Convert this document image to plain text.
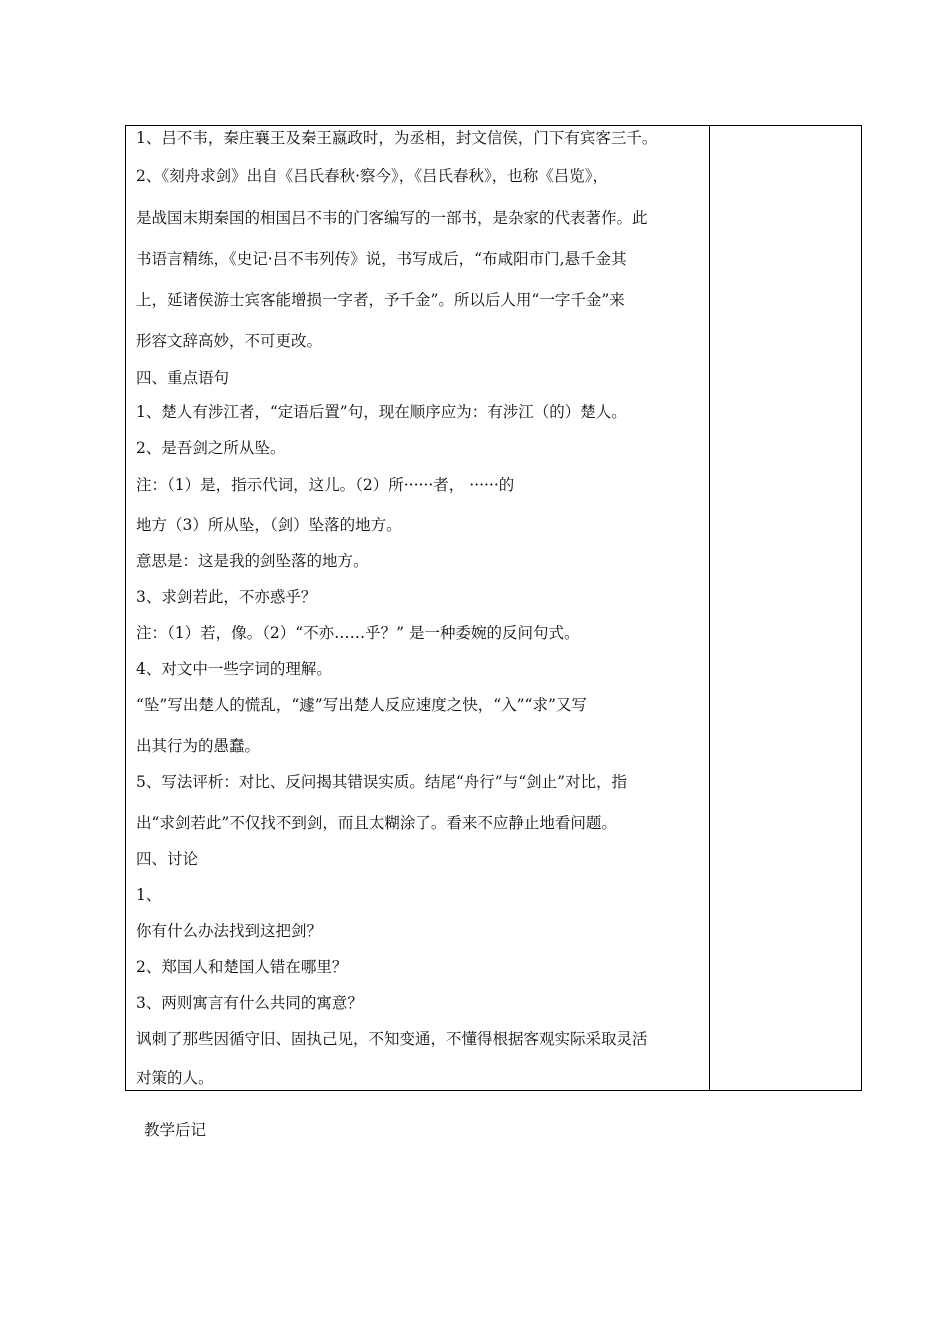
1、吕不韦，秦庄襄王及秦王嬴政时，为丞相，封文信侯，门下有宾客三千。
2、《刻舟求剑》出自《吕氏春秋·察今》，《吕氏春秋》，也称《吕览》，
是战国末期秦国的相国吕不韦的门客编写的一部书，是杂家的代表著作。此
书语言精练，《史记·吕不韦列传》说，书写成后，“布咸阳市门,悬千金其
上，延诸侯游士宾客能增损一字者，予千金”。所以后人用“一字千金”来
形容文辞高妙，不可更改。
四、重点语句
1、楚人有涉江者，“定语后置”句，现在顺序应为：有涉江（的）楚人。
2、是吾剑之所从坠。
注：（1）是，指示代词，这儿。（2）所······者， ······的
地方（3）所从坠，（剑）坠落的地方。
意思是：这是我的剑坠落的地方。
3、求剑若此，不亦惑乎？
注：（1）若，像。（2）“不亦……乎？” 是一种委婉的反问句式。
4、对文中一些字词的理解。
“坠”写出楚人的慌乱，“遽”写出楚人反应速度之快，“入”“求”又写
出其行为的愚蠢。
5、写法评析：对比、反问揭其错误实质。结尾“舟行”与“剑止”对比，指
出“求剑若此”不仅找不到剑，而且太糊涂了。看来不应静止地看问题。
四、讨论
1、
你有什么办法找到这把剑？
2、郑国人和楚国人错在哪里？
3、两则寓言有什么共同的寓意？
讽刺了那些因循守旧、固执己见，不知变通，不懂得根据客观实际采取灵活
对策的人。
教学后记
